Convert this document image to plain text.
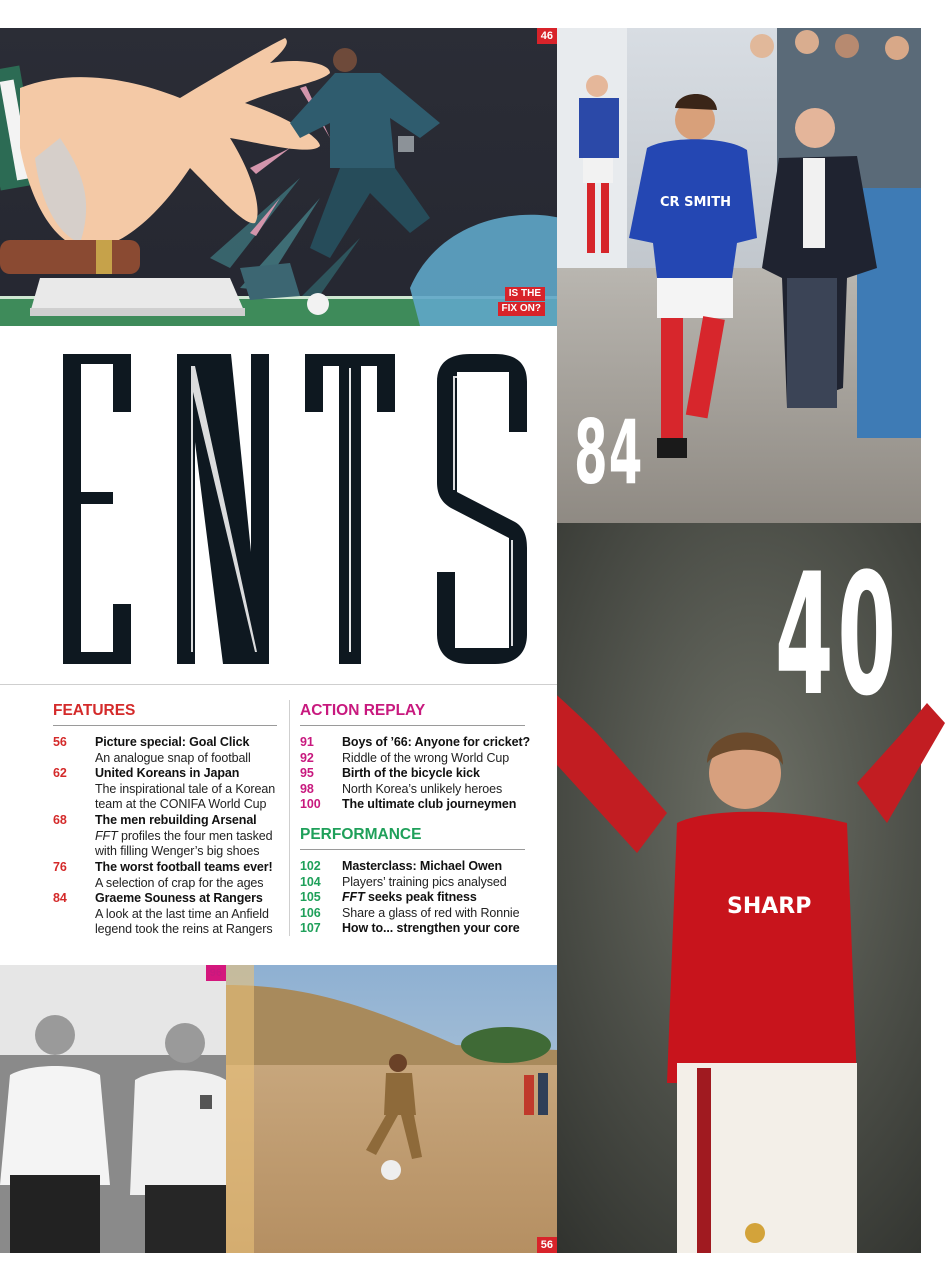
46
IS THE
FIX ON?
CR SMITH
84
SHARP
40
96
56
FEATURES
56 Picture special: Goal Click
An analogue snap of football
62 United Koreans in Japan
The inspirational tale of a Korean
team at the CONIFA World Cup
68 The men rebuilding Arsenal
FFT profiles the four men tasked
with filling Wenger’s big shoes
76 The worst football teams ever!
A selection of crap for the ages
84 Graeme Souness at Rangers
A look at the last time an Anfield
legend took the reins at Rangers
ACTION REPLAY
91 Boys of ’66: Anyone for cricket?
92 Riddle of the wrong World Cup
95 Birth of the bicycle kick
98 North Korea’s unlikely heroes
100 The ultimate club journeymen
PERFORMANCE
102 Masterclass: Michael Owen
104 Players’ training pics analysed
105 FFT seeks peak fitness
106 Share a glass of red with Ronnie
107 How to... strengthen your core
